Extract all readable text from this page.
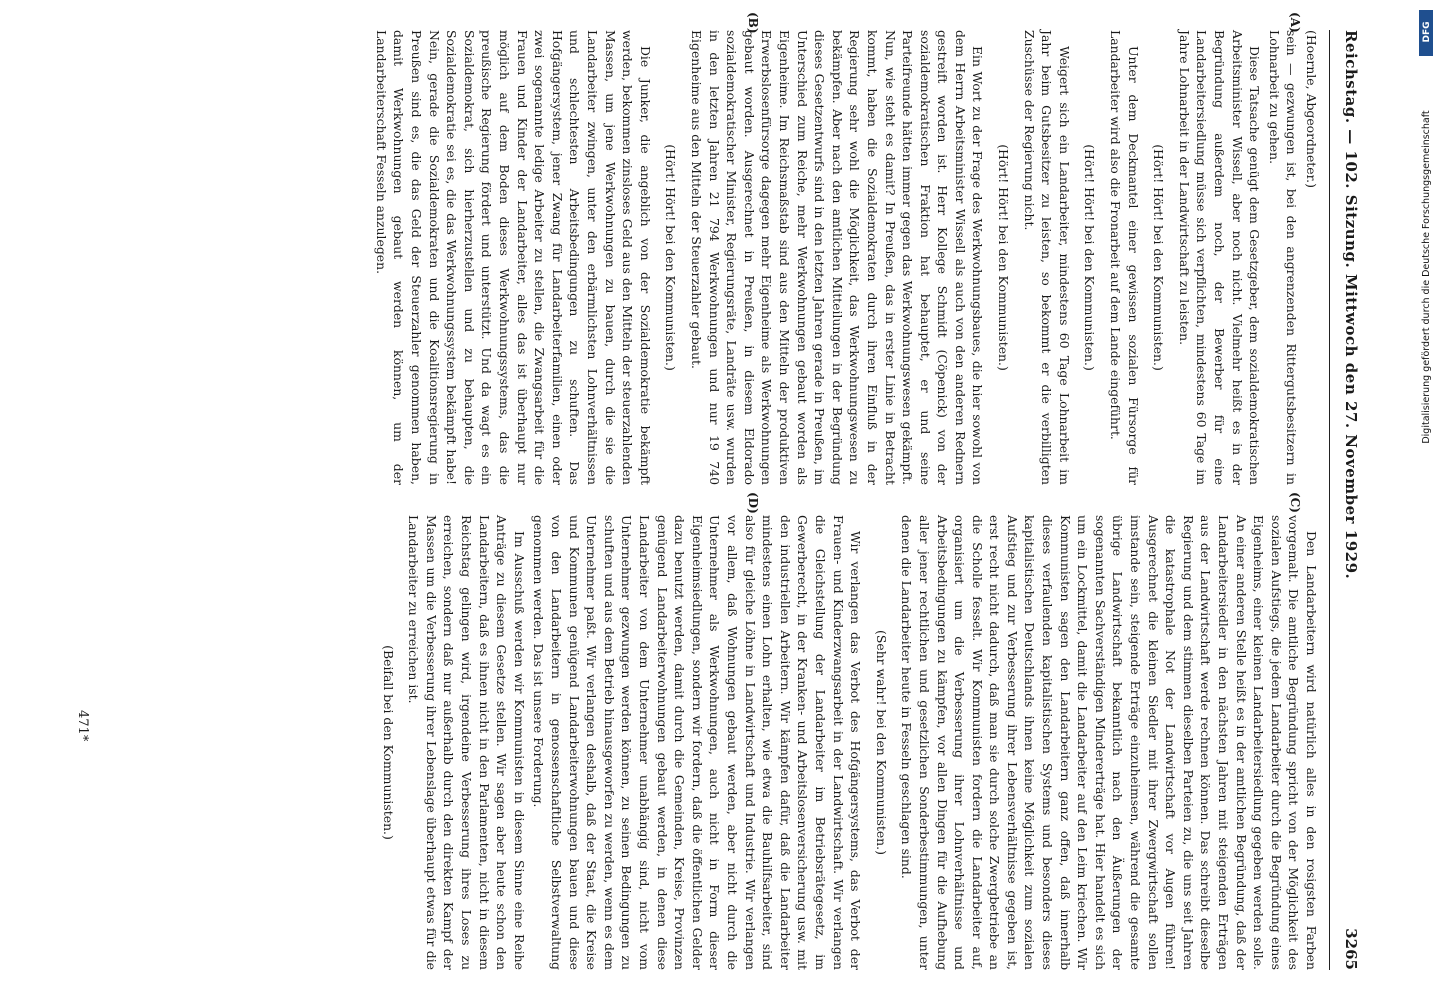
Reichstag. — 102. Sitzung. Mittwoch den 27. November 1929.
3265
(A)
(B)
(C)
(D)

(Hoernle, Abgeordneter.)

sein — gezwungen ist, bei den angrenzenden Rittergutsbesitzern in Lohnarbeit zu gehen.

Diese Tatsache genügt dem Gesetzgeber, dem sozialdemokratischen Arbeitsminister Wissell, aber noch nicht. Vielmehr heißt es in der Begründung außerdem noch, der Bewerber für eine Landarbeitersiedlung müsse sich verpflichten, mindestens 60 Tage im Jahre Lohnarbeit in der Landwirtschaft zu leisten.

(Hört! Hört! bei den Kommunisten.)

Unter dem Deckmantel einer gewissen sozialen Fürsorge für Landarbeiter wird also die Fronarbeit auf dem Lande eingeführt.

(Hört! Hört! bei den Kommunisten.)

Weigert sich ein Landarbeiter, mindestens 60 Tage Lohnarbeit im Jahr beim Gutsbesitzer zu leisten, so bekommt er die verbilligten Zuschüsse der Regierung nicht.

(Hört! Hört! bei den Kommunisten.)

Ein Wort zu der Frage des Werkwohnungsbaues, die hier sowohl von dem Herrn Arbeitsminister Wissell als auch von den anderen Rednern gestreift worden ist. Herr Kollege Schmidt (Cöpenick) von der sozialdemokratischen Fraktion hat behauptet, er und seine Parteifreunde hätten immer gegen das Werkwohnungswesen gekämpft. Nun, wie steht es damit? In Preußen, das in erster Linie in Betracht kommt, haben die Sozialdemokraten durch ihren Einfluß in der Regierung sehr wohl die Möglichkeit, das Werkwohnungswesen zu bekämpfen. Aber nach den amtlichen Mitteilungen in der Begründung dieses Gesetzentwurfs sind in den letzten Jahren gerade in Preußen, im Unterschied zum Reiche, mehr Werkwohnungen gebaut worden als Eigenheime. Im Reichsmaßstab sind aus den Mitteln der produktiven Erwerbslosenfürsorge dagegen mehr Eigenheime als Werkwohnungen gebaut worden. Ausgerechnet in Preußen, in diesem Eldorado sozialdemokratischer Minister, Regierungsräte, Landräte usw. wurden in den letzten Jahren 21 794 Werkwohnungen und nur 19 740 Eigenheime aus den Mitteln der Steuerzahler gebaut.

(Hört! Hört! bei den Kommunisten.)

Die Junker, die angeblich von der Sozialdemokratie bekämpft werden, bekommen zinsloses Geld aus den Mitteln der steuerzahlenden Massen, um jene Werkwohnungen zu bauen, durch die sie die Landarbeiter zwingen, unter den erbärmlichsten Lohnverhältnissen und schlechtesten Arbeitsbedingungen zu schuften. Das Hofgängersystem, jener Zwang für Landarbeiterfamilien, einen oder zwei sogenannte ledige Arbeiter zu stellen, die Zwangsarbeit für die Frauen und Kinder der Landarbeiter, alles das ist überhaupt nur möglich auf dem Boden dieses Werkwohnungssystems, das die preußische Regierung fördert und unterstützt. Und da wagt es ein Sozialdemokrat, sich hierherzustellen und zu behaupten, die Sozialdemokratie sei es, die das Werkwohnungssystem bekämpft habe! Nein, gerade die Sozialdemokraten und die Koalitionsregierung in Preußen sind es, die das Geld der Steuerzahler genommen haben, damit Werkwohnungen gebaut werden können, um der Landarbeiterschaft Fesseln anzulegen.

Den Landarbeitern wird natürlich alles in den rosigsten Farben vorgemalt. Die amtliche Begründung spricht von der Möglichkeit des sozialen Aufstiegs, die jedem Landarbeiter durch die Begründung eines Eigenheims, einer kleinen Landarbeitersiedlung gegeben werden solle. An einer anderen Stelle heißt es in der amtlichen Begründung, daß der Landarbeitersiedler in den nächsten Jahren mit steigenden Erträgen aus der Landwirtschaft werde rechnen können. Das schreibt dieselbe Regierung und dem stimmen dieselben Parteien zu, die uns seit Jahren die katastrophale Not der Landwirtschaft vor Augen führen! Ausgerechnet die kleinen Siedler mit ihrer Zwergwirtschaft sollen imstande sein, steigende Erträge einzuheimsen, während die gesamte übrige Landwirtschaft bekanntlich nach den Äußerungen der sogenannten Sachverständigen Mindererträge hat. Hier handelt es sich um ein Lockmittel, damit die Landarbeiter auf den Leim kriechen. Wir Kommunisten sagen den Landarbeitern ganz offen, daß innerhalb dieses verfaulenden kapitalistischen Systems und besonders dieses kapitalistischen Deutschlands ihnen keine Möglichkeit zum sozialen Aufstieg und zur Verbesserung ihrer Lebensverhältnisse gegeben ist, erst recht nicht dadurch, daß man sie durch solche Zwergbetriebe an die Scholle fesselt. Wir Kommunisten fordern die Landarbeiter auf, organisiert um die Verbesserung ihrer Lohnverhältnisse und Arbeitsbedingungen zu kämpfen, vor allen Dingen für die Aufhebung aller jener rechtlichen und gesetzlichen Sonderbestimmungen, unter denen die Landarbeiter heute in Fesseln geschlagen sind.

(Sehr wahr! bei den Kommunisten.)

Wir verlangen das Verbot des Hofgängersystems, das Verbot der Frauen- und Kinderzwangsarbeit in der Landwirtschaft. Wir verlangen die Gleichstellung der Landarbeiter im Betriebsrätegesetz, im Gewerberecht, in der Kranken- und Arbeitslosenversicherung usw. mit den industriellen Arbeitern. Wir kämpfen dafür, daß die Landarbeiter mindestens einen Lohn erhalten, wie etwa die Bauhilfsarbeiter, sind also für gleiche Löhne in Landwirtschaft und Industrie. Wir verlangen vor allem, daß Wohnungen gebaut werden, aber nicht durch die Unternehmer als Werkwohnungen, auch nicht in Form dieser Eigenheimsiedlungen, sondern wir fordern, daß die öffentlichen Gelder dazu benutzt werden, damit durch die Gemeinden, Kreise, Provinzen genügend Landarbeiterwohnungen gebaut werden, in denen diese Landarbeiter von dem Unternehmer unabhängig sind, nicht vom Unternehmer gezwungen werden können, zu seinen Bedingungen zu schuften und aus dem Betrieb hinausgeworfen zu werden, wenn es dem Unternehmer paßt. Wir verlangen deshalb, daß der Staat, die Kreise und Kommunen genügend Landarbeiterwohnungen bauen und diese von den Landarbeitern in genossenschaftliche Selbstverwaltung genommen werden. Das ist unsere Forderung.

Im Ausschuß werden wir Kommunisten in diesem Sinne eine Reihe Anträge zu diesem Gesetze stellen. Wir sagen aber heute schon den Landarbeitern, daß es ihnen nicht in den Parlamenten, nicht in diesem Reichstag gelingen wird, irgendeine Verbesserung ihres Loses zu erreichen, sondern daß nur außerhalb durch den direkten Kampf der Massen um die Verbesserung ihrer Lebenslage überhaupt etwas für die Landarbeiter zu erreichen ist.

(Beifall bei den Kommunisten.)

471*
DFG
Digitalisierung gefördert durch die Deutsche Forschungsgemeinschaft
